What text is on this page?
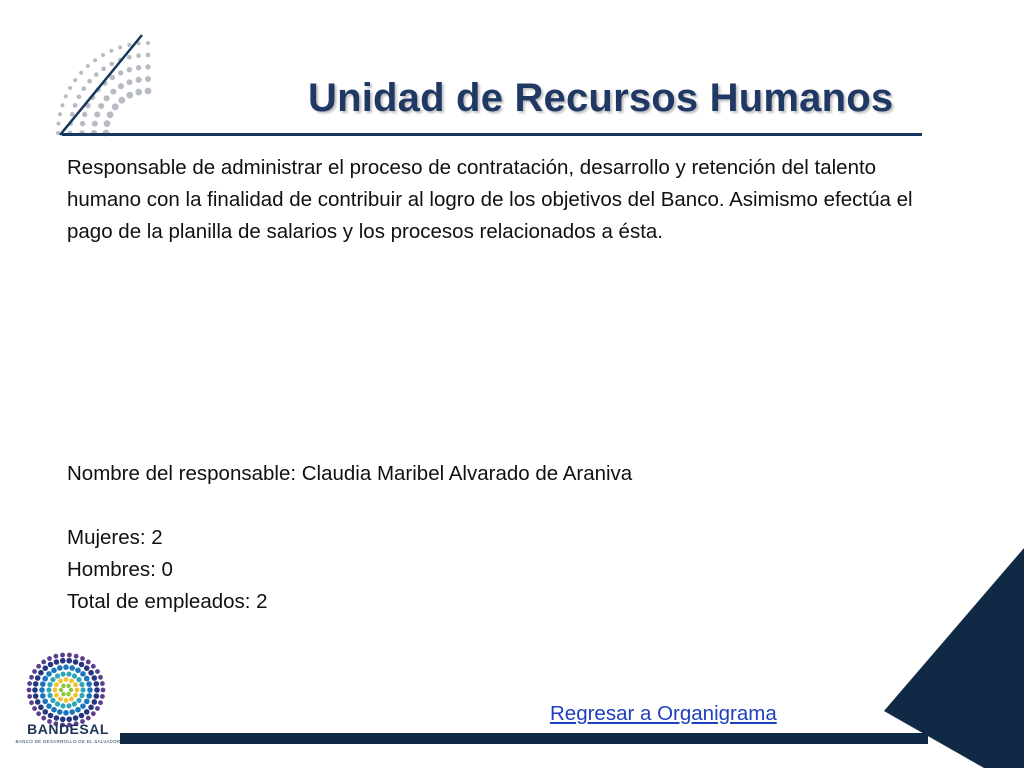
Unidad de Recursos Humanos
Responsable de administrar el proceso de contratación, desarrollo y retención del talento humano con la finalidad de contribuir al logro de los objetivos del Banco. Asimismo efectúa el pago de la planilla de salarios y los procesos relacionados a ésta.
Nombre del responsable: Claudia Maribel Alvarado de Araniva
Mujeres: 2
Hombres: 0
Total de empleados: 2
Regresar a Organigrama
BANDESAL
BANCO DE DESARROLLO DE EL SALVADOR
